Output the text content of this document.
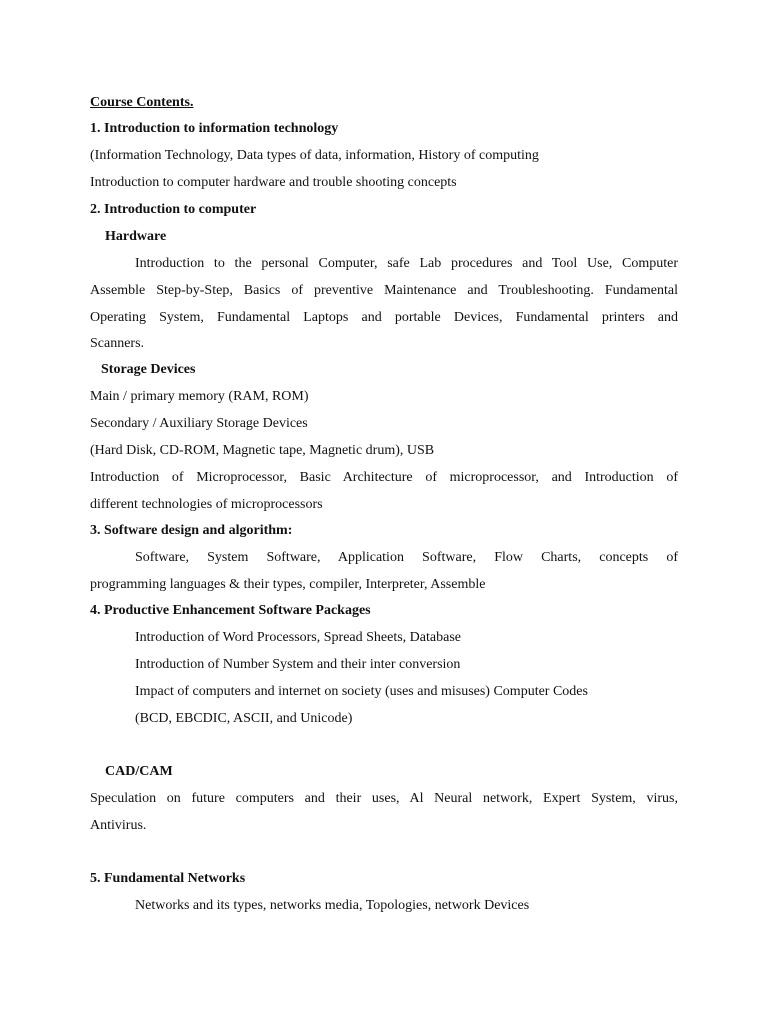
Course Contents.
1. Introduction to information technology
(Information Technology, Data types of data, information, History of computing
Introduction to computer hardware and trouble shooting concepts
2. Introduction to computer
Hardware
Introduction to the personal Computer, safe Lab procedures and Tool Use, Computer
Assemble Step-by-Step, Basics of preventive Maintenance and Troubleshooting. Fundamental
Operating System, Fundamental Laptops and portable Devices, Fundamental printers and
Scanners.
Storage Devices
Main / primary memory (RAM, ROM)
Secondary / Auxiliary Storage Devices
(Hard Disk, CD-ROM, Magnetic tape, Magnetic drum), USB
Introduction of Microprocessor, Basic Architecture of microprocessor, and Introduction of
different technologies of microprocessors
3. Software design and algorithm:
Software, System Software, Application Software, Flow Charts, concepts of
programming languages & their types, compiler, Interpreter, Assemble
4. Productive Enhancement Software Packages
Introduction of Word Processors, Spread Sheets, Database
Introduction of Number System and their inter conversion
Impact of computers and internet on society (uses and misuses) Computer Codes
(BCD, EBCDIC, ASCII, and Unicode)
CAD/CAM
Speculation on future computers and their uses, Al Neural network, Expert System, virus,
Antivirus.
5. Fundamental Networks
Networks and its types, networks media, Topologies, network Devices
